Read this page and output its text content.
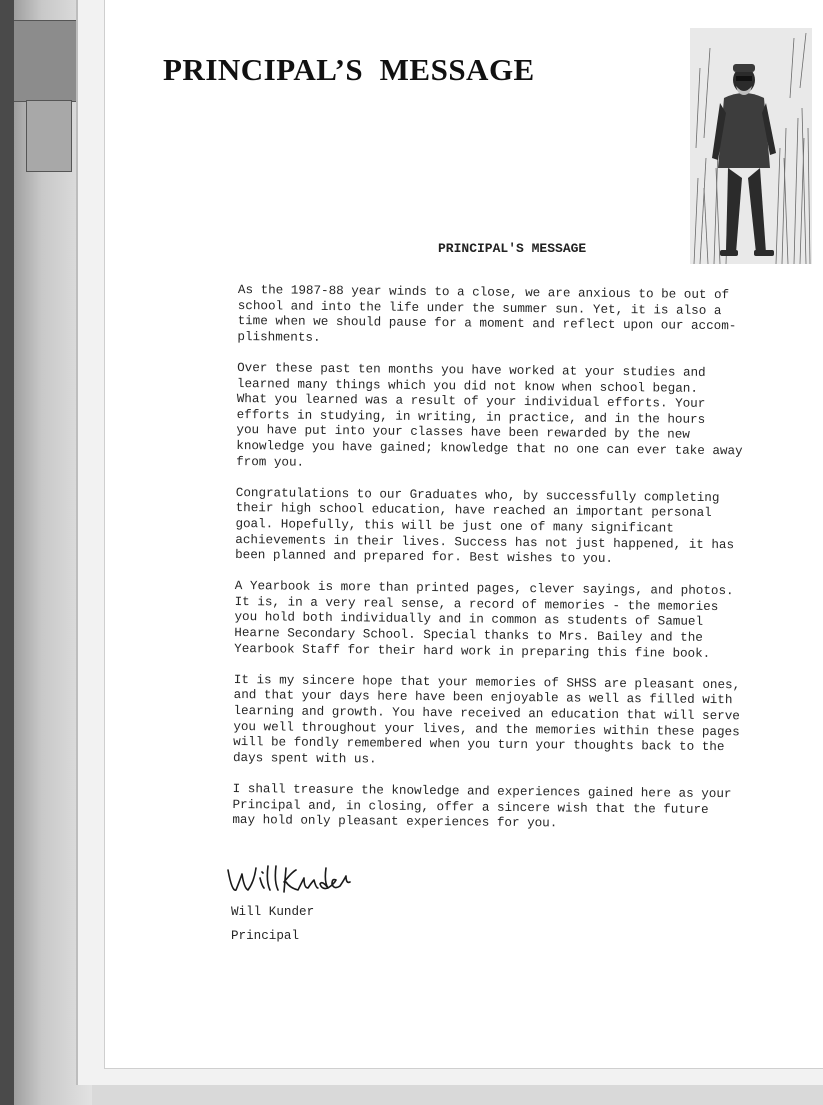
PRINCIPAL’S  MESSAGE
PRINCIPAL'S MESSAGE

As the 1987-88 year winds to a close, we are anxious to be out of
school and into the life under the summer sun. Yet, it is also a
time when we should pause for a moment and reflect upon our accom-
plishments.

Over these past ten months you have worked at your studies and
learned many things which you did not know when school began.
What you learned was a result of your individual efforts. Your
efforts in studying, in writing, in practice, and in the hours
you have put into your classes have been rewarded by the new
knowledge you have gained; knowledge that no one can ever take away
from you.

Congratulations to our Graduates who, by successfully completing
their high school education, have reached an important personal
goal. Hopefully, this will be just one of many significant
achievements in their lives. Success has not just happened, it has
been planned and prepared for. Best wishes to you.

A Yearbook is more than printed pages, clever sayings, and photos.
It is, in a very real sense, a record of memories - the memories
you hold both individually and in common as students of Samuel
Hearne Secondary School. Special thanks to Mrs. Bailey and the
Yearbook Staff for their hard work in preparing this fine book.

It is my sincere hope that your memories of SHSS are pleasant ones,
and that your days here have been enjoyable as well as filled with
learning and growth. You have received an education that will serve
you well throughout your lives, and the memories within these pages
will be fondly remembered when you turn your thoughts back to the
days spent with us.

I shall treasure the knowledge and experiences gained here as your
Principal and, in closing, offer a sincere wish that the future
may hold only pleasant experiences for you.

Will Kunder

Principal
